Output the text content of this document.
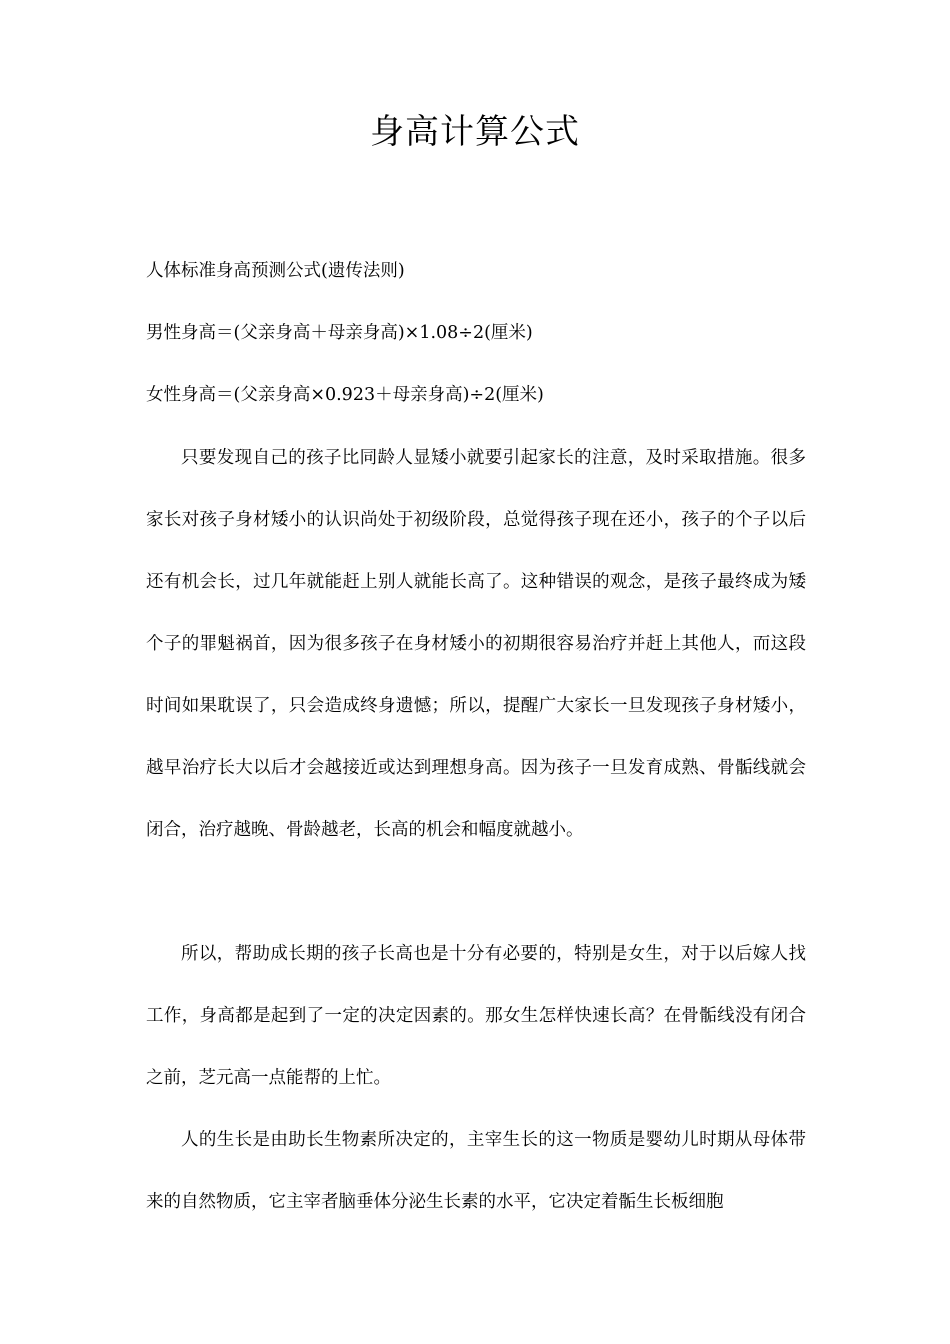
身高计算公式

人体标准身高预测公式(遗传法则)

男性身高＝(父亲身高＋母亲身高)×1.08÷2(厘米)

女性身高＝(父亲身高×0.923＋母亲身高)÷2(厘米)

只要发现自己的孩子比同龄人显矮小就要引起家长的注意，及时采取措施。很多家长对孩子身材矮小的认识尚处于初级阶段，总觉得孩子现在还小，孩子的个子以后还有机会长，过几年就能赶上别人就能长高了。这种错误的观念，是孩子最终成为矮个子的罪魁祸首，因为很多孩子在身材矮小的初期很容易治疗并赶上其他人，而这段时间如果耽误了，只会造成终身遗憾；所以，提醒广大家长一旦发现孩子身材矮小，越早治疗长大以后才会越接近或达到理想身高。因为孩子一旦发育成熟、骨骺线就会闭合，治疗越晚、骨龄越老，长高的机会和幅度就越小。

所以，帮助成长期的孩子长高也是十分有必要的，特别是女生，对于以后嫁人找工作，身高都是起到了一定的决定因素的。那女生怎样快速长高？在骨骺线没有闭合之前，芝元高一点能帮的上忙。

人的生长是由助长生物素所决定的，主宰生长的这一物质是婴幼儿时期从母体带来的自然物质，它主宰者脑垂体分泌生长素的水平，它决定着骺生长板细胞
